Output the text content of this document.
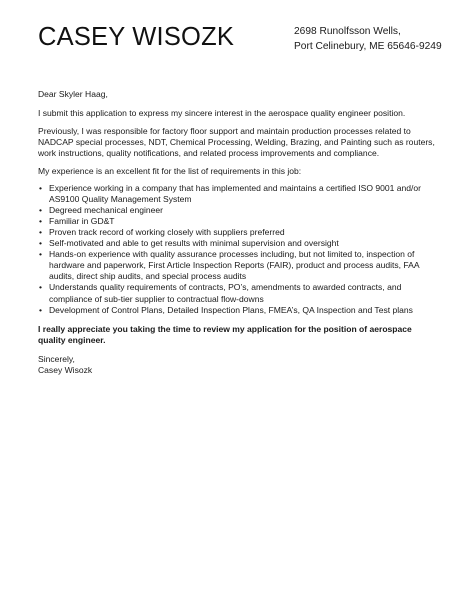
CASEY WISOZK	2698 Runolfsson Wells,
Port Celinebury, ME 65646-9249

Dear Skyler Haag,

I submit this application to express my sincere interest in the aerospace quality engineer position.

Previously, I was responsible for factory floor support and maintain production processes related to NADCAP special processes, NDT, Chemical Processing, Welding, Brazing, and Painting such as routers, work instructions, quality notifications, and related process improvements and compliance.

My experience is an excellent fit for the list of requirements in this job:

• Experience working in a company that has implemented and maintains a certified ISO 9001 and/or AS9100 Quality Management System
• Degreed mechanical engineer
• Familiar in GD&T
• Proven track record of working closely with suppliers preferred
• Self-motivated and able to get results with minimal supervision and oversight
• Hands-on experience with quality assurance processes including, but not limited to, inspection of hardware and paperwork, First Article Inspection Reports (FAIR), product and process audits, FAA audits, direct ship audits, and special process audits
• Understands quality requirements of contracts, PO’s, amendments to awarded contracts, and compliance of sub-tier supplier to contractual flow-downs
• Development of Control Plans, Detailed Inspection Plans, FMEA’s, QA Inspection and Test plans

I really appreciate you taking the time to review my application for the position of aerospace quality engineer.

Sincerely,

Casey Wisozk
